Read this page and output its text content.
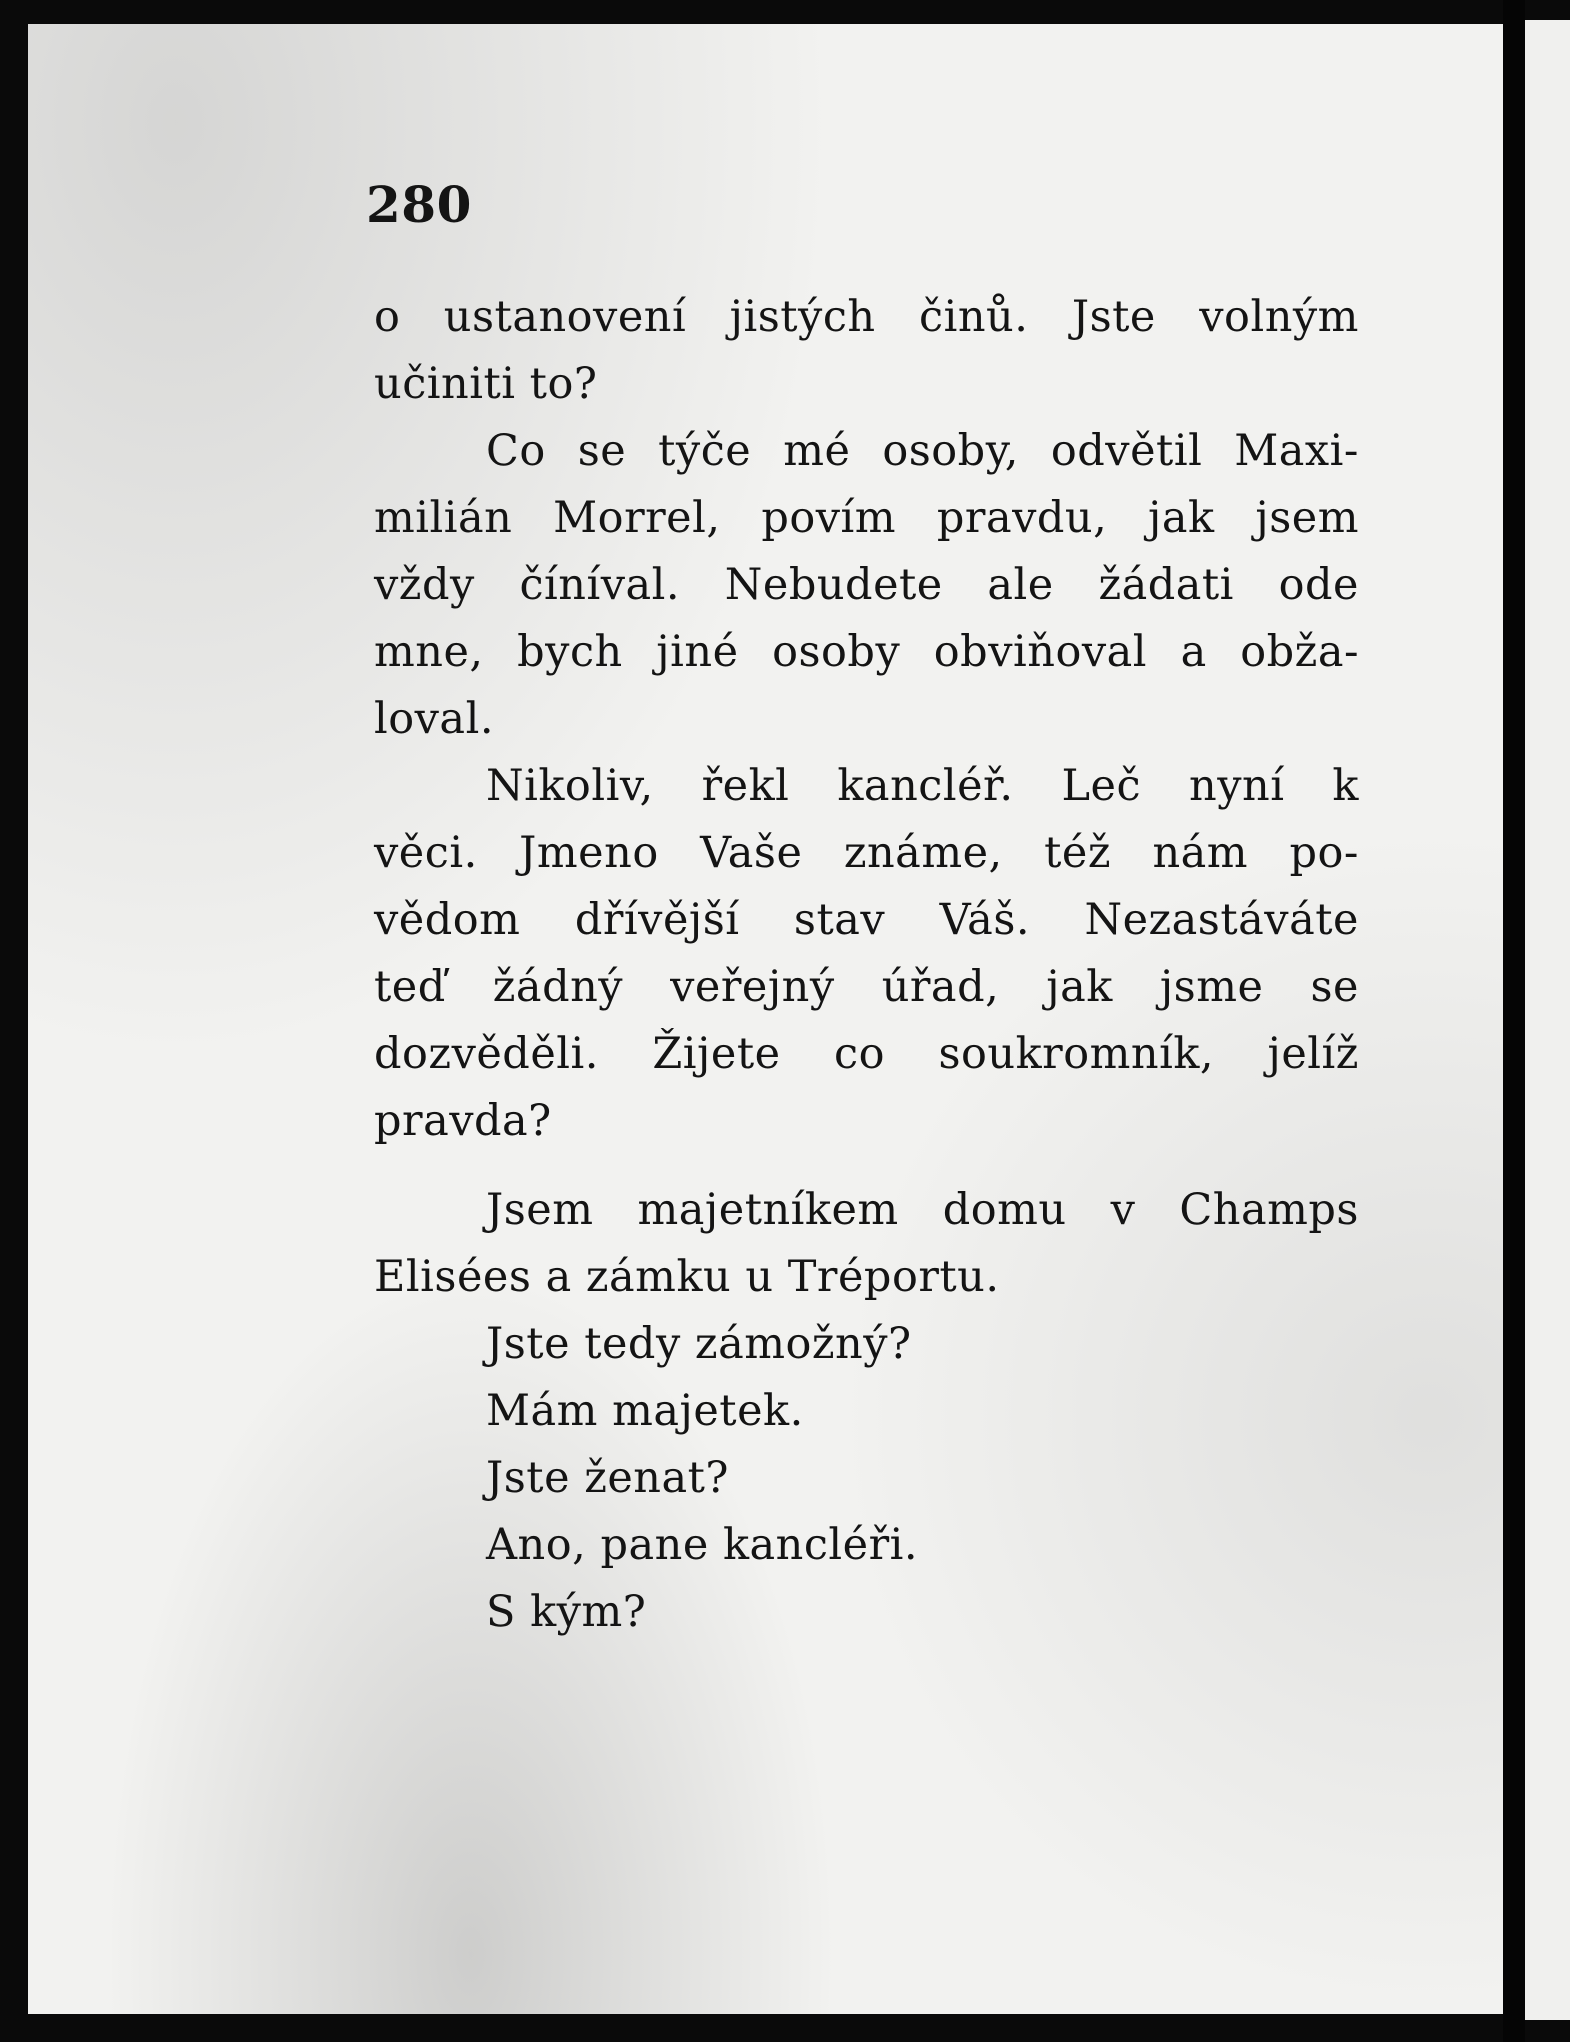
280
o ustanovení jistých činů. Jste volným
učiniti to?
Co se týče mé osoby, odvětil Maxi-
milián Morrel, povím pravdu, jak jsem
vždy číníval. Nebudete ale žádati ode
mne, bych jiné osoby obviňoval a obža-
loval.
Nikoliv, řekl kancléř. Leč nyní k
věci. Jmeno Vaše známe, též nám po-
vědom dřívější stav Váš. Nezastáváte
teď žádný veřejný úřad, jak jsme se
dozvěděli. Žijete co soukromník, jelíž
pravda?
Jsem majetníkem domu v Champs
Elisées a zámku u Tréportu.
Jste tedy zámožný?
Mám majetek.
Jste ženat?
Ano, pane kancléři.
S kým?
